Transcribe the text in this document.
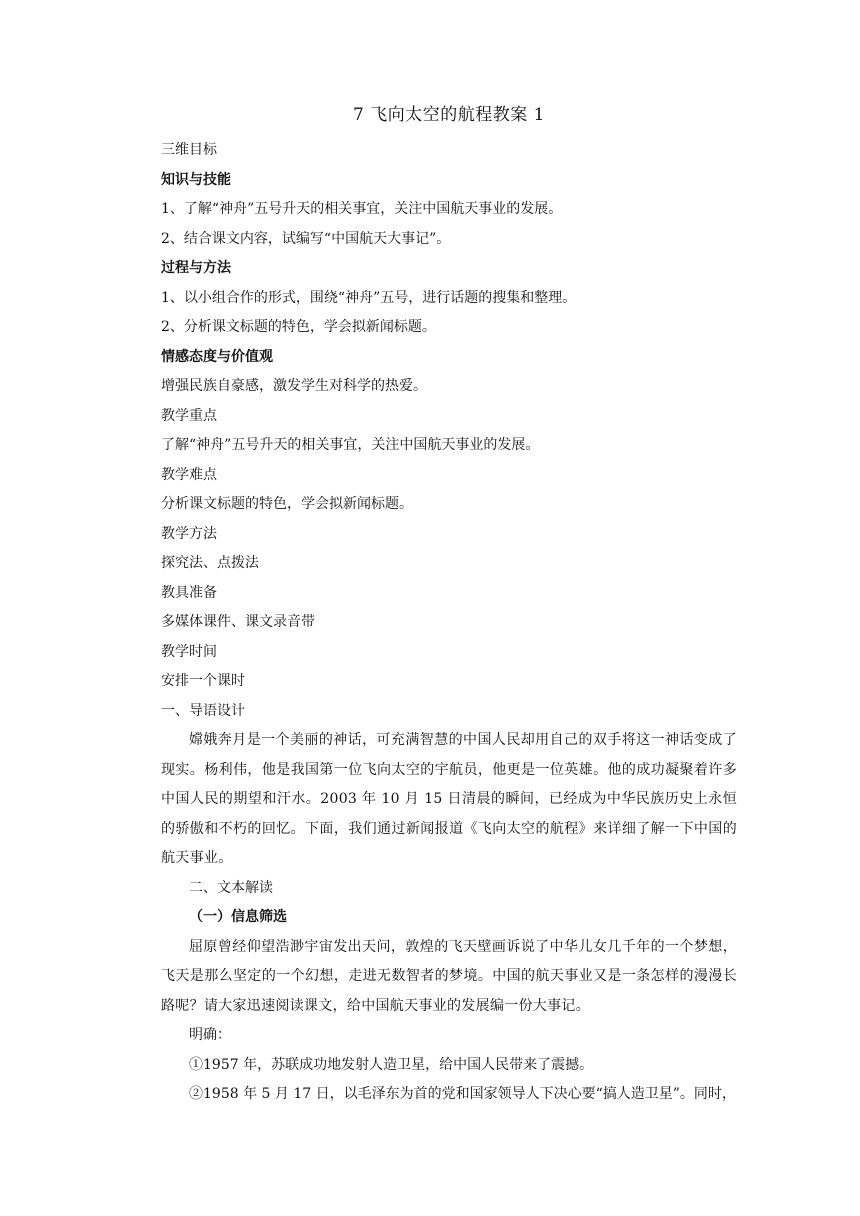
7 飞向太空的航程教案 1

三维目标

知识与技能

1、了解“神舟”五号升天的相关事宜，关注中国航天事业的发展。

2、结合课文内容，试编写“中国航天大事记”。

过程与方法

1、以小组合作的形式，围绕“神舟”五号，进行话题的搜集和整理。

2、分析课文标题的特色，学会拟新闻标题。

情感态度与价值观

增强民族自豪感，激发学生对科学的热爱。

教学重点

了解“神舟”五号升天的相关事宜，关注中国航天事业的发展。

教学难点

分析课文标题的特色，学会拟新闻标题。

教学方法

探究法、点拨法

教具准备

多媒体课件、课文录音带

教学时间

安排一个课时

一、导语设计

嫦娥奔月是一个美丽的神话，可充满智慧的中国人民却用自己的双手将这一神话变成了现实。杨利伟，他是我国第一位飞向太空的宇航员，他更是一位英雄。他的成功凝聚着许多中国人民的期望和汗水。2003 年 10 月 15 日清晨的瞬间，已经成为中华民族历史上永恒的骄傲和不朽的回忆。下面，我们通过新闻报道《飞向太空的航程》来详细了解一下中国的航天事业。

二、文本解读

（一）信息筛选

屈原曾经仰望浩渺宇宙发出天问，敦煌的飞天壁画诉说了中华儿女几千年的一个梦想，飞天是那么坚定的一个幻想，走进无数智者的梦境。中国的航天事业又是一条怎样的漫漫长路呢？请大家迅速阅读课文，给中国航天事业的发展编一份大事记。

明确：

①1957 年，苏联成功地发射人造卫星，给中国人民带来了震撼。

②1958 年 5 月 17 日，以毛泽东为首的党和国家领导人下决心要“搞人造卫星”。同时，
